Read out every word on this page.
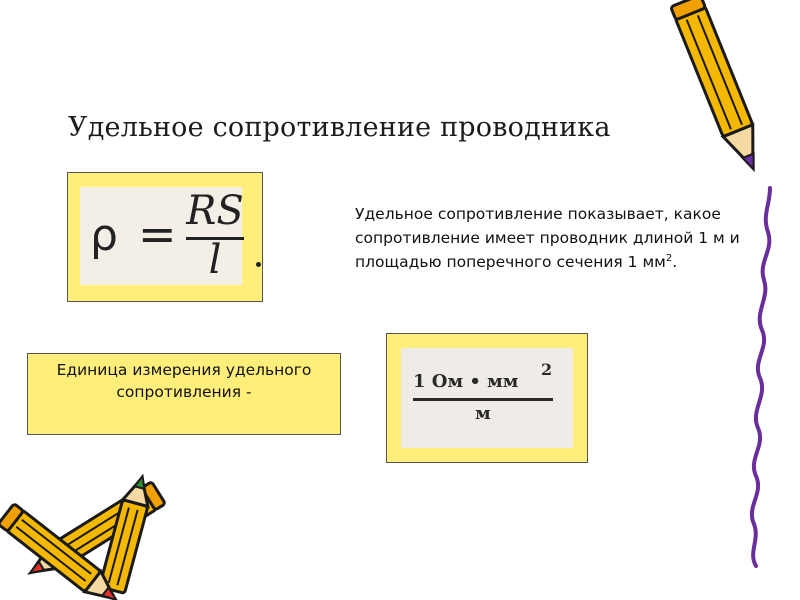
Удельное сопротивление проводника
ρ = RS
l
Удельное сопротивление показывает, какое сопротивление имеет проводник длиной 1 м и площадью поперечного сечения 1 $мм^2$.
Единица измерения удельного сопротивления -	1 Ом • мм
2
м
